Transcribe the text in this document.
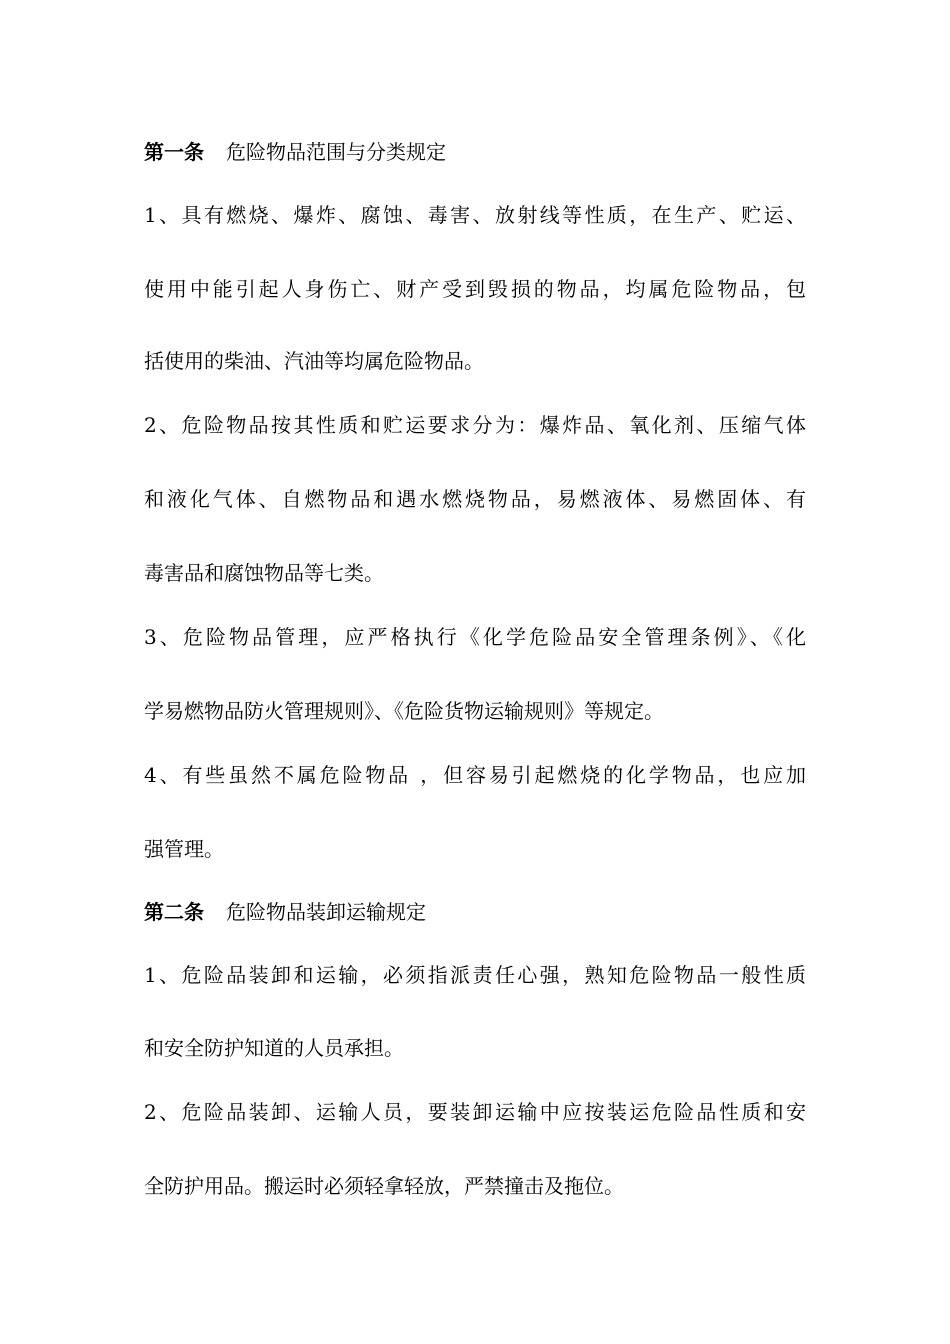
第一条 危险物品范围与分类规定
1、具有燃烧、爆炸、腐蚀、毒害、放射线等性质，在生产、贮运、
使用中能引起人身伤亡、财产受到毁损的物品，均属危险物品，包
括使用的柴油、汽油等均属危险物品。
2、危险物品按其性质和贮运要求分为：爆炸品、氧化剂、压缩气体
和液化气体、自燃物品和遇水燃烧物品，易燃液体、易燃固体、有
毒害品和腐蚀物品等七类。
3、危险物品管理，应严格执行《化学危险品安全管理条例》、《化
学易燃物品防火管理规则》、《危险货物运输规则》等规定。
4、有些虽然不属危险物品 ，但容易引起燃烧的化学物品，也应加
强管理。
第二条 危险物品装卸运输规定
1、危险品装卸和运输，必须指派责任心强，熟知危险物品一般性质
和安全防护知道的人员承担。
2、危险品装卸、运输人员，要装卸运输中应按装运危险品性质和安
全防护用品。搬运时必须轻拿轻放，严禁撞击及拖位。
